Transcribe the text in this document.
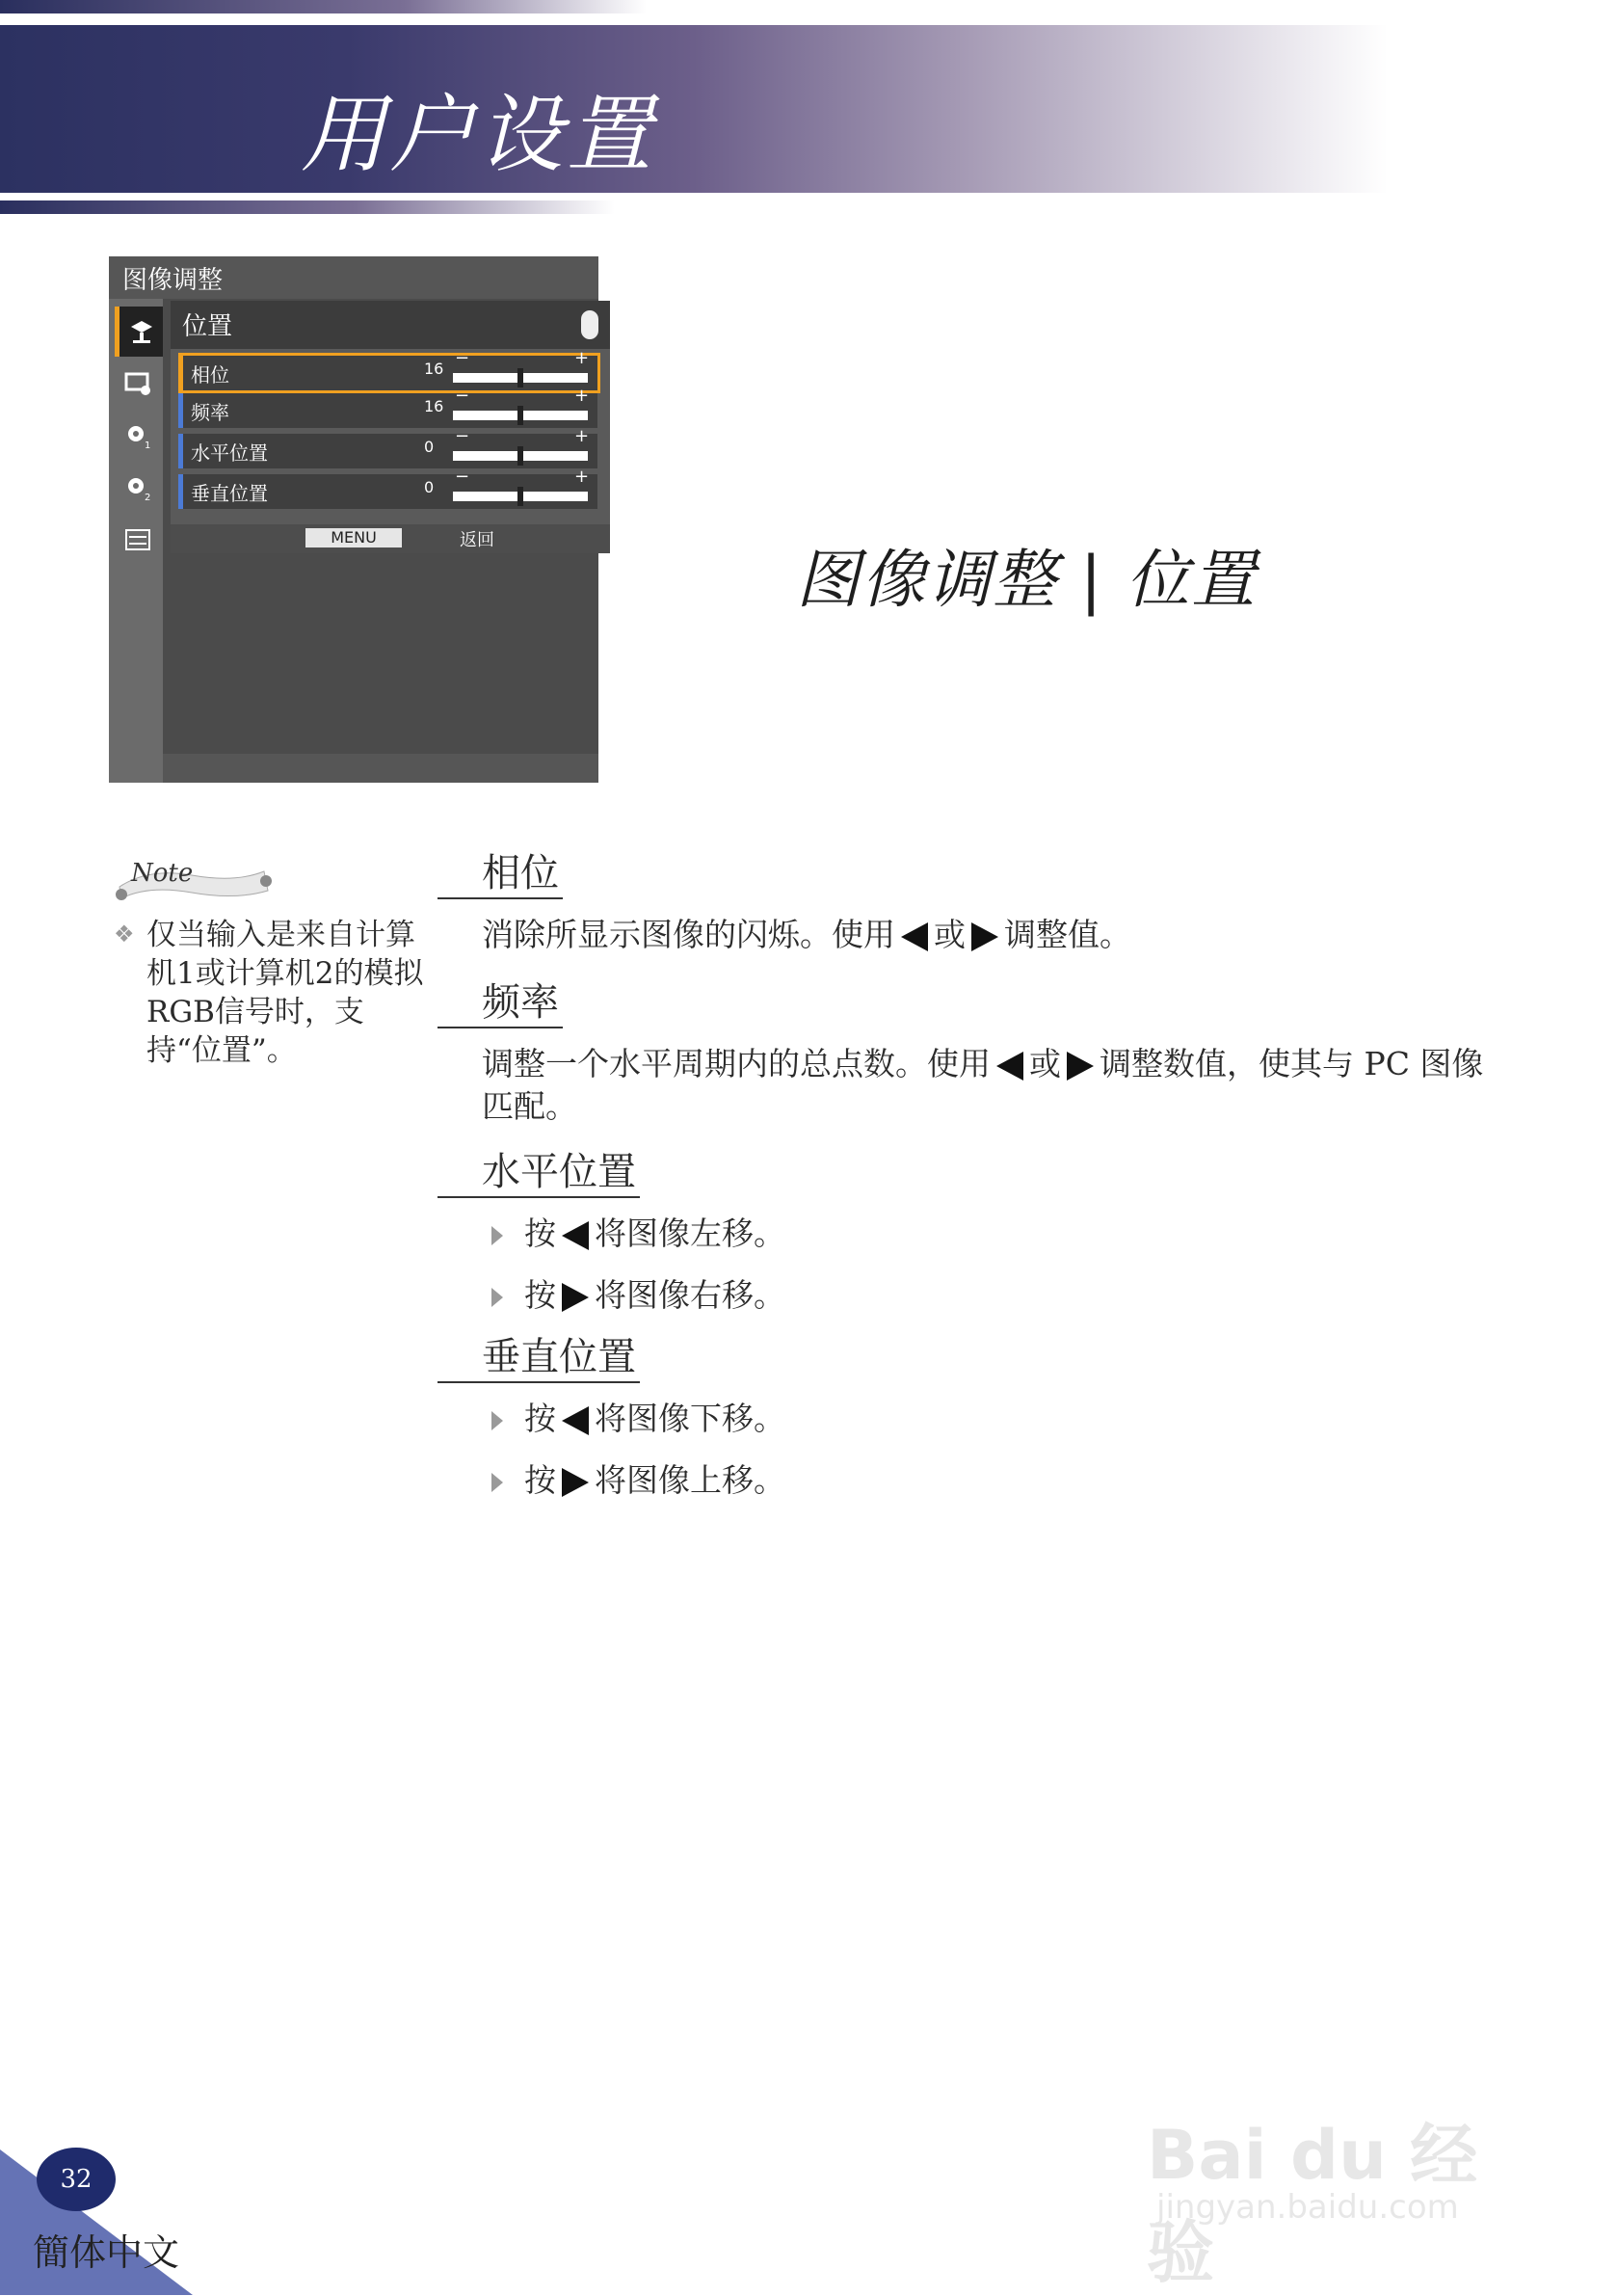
用户设置
图像调整
1
2
位置
相位	16
−	+
频率	16
−	+
水平位置	0
−	+
垂直位置	0
−	+
MENU	返回
图像调整 | 位置
Note
❖ 仅当输入是来自计算机1或计算机2的模拟RGB信号时，支持“位置”。
相位
消除所显示图像的闪烁。使用 或 调整值。
频率
调整一个水平周期内的总点数。使用 或 调整数值，使其与 PC 图像匹配。
水平位置
按 将图像左移。
按 将图像右移。
垂直位置
按 将图像下移。
按 将图像上移。
Bai du 经验
jingyan.baidu.com
32
簡体中文
